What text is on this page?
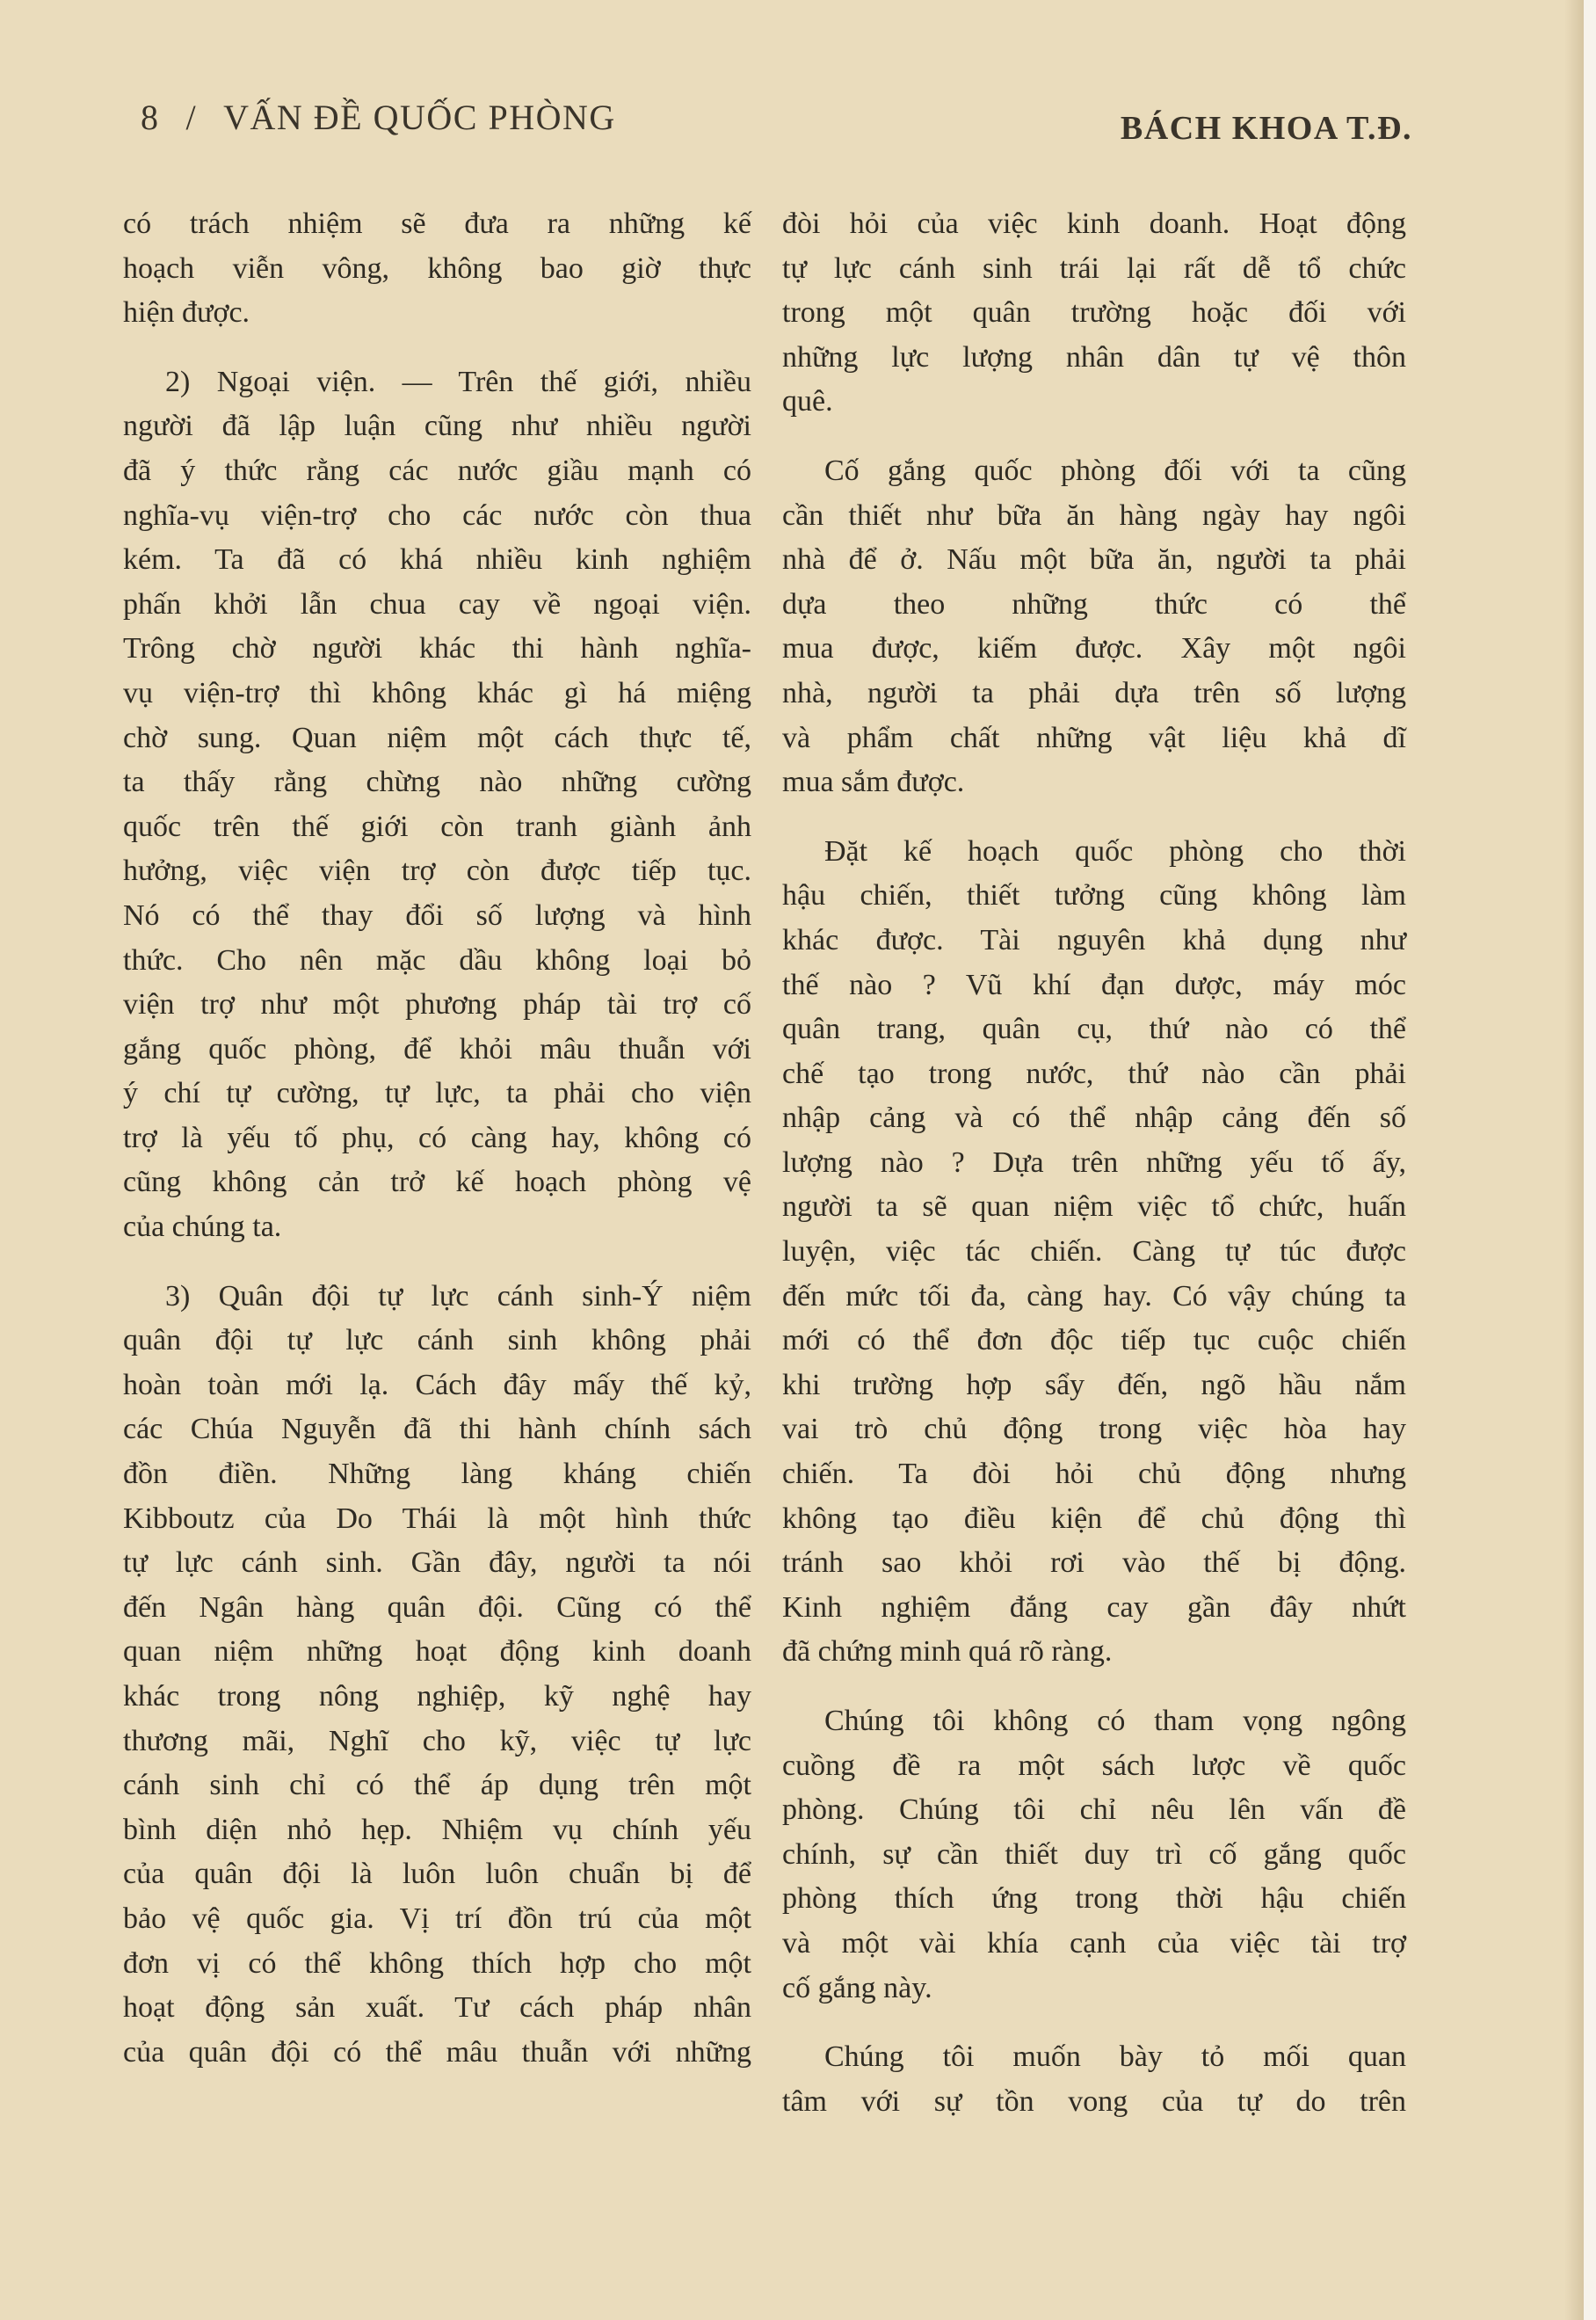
8 / VẤN ĐỀ QUỐC PHÒNG	BÁCH KHOA T.Đ.

có trách nhiệm sẽ đưa ra những kế
hoạch viễn vông, không bao giờ thực
hiện được.

2) Ngoại viện. — Trên thế giới, nhiều
người đã lập luận cũng như nhiều người
đã ý thức rằng các nước giầu mạnh có
nghĩa-vụ viện-trợ cho các nước còn thua
kém. Ta đã có khá nhiều kinh nghiệm
phấn khởi lẫn chua cay về ngoại viện.
Trông chờ người khác thi hành nghĩa-
vụ viện-trợ thì không khác gì há miệng
chờ sung. Quan niệm một cách thực tế,
ta thấy rằng chừng nào những cường
quốc trên thế giới còn tranh giành ảnh
hưởng, việc viện trợ còn được tiếp tục.
Nó có thể thay đổi số lượng và hình
thức. Cho nên mặc dầu không loại bỏ
viện trợ như một phương pháp tài trợ cố
gắng quốc phòng, để khỏi mâu thuẫn với
ý chí tự cường, tự lực, ta phải cho viện
trợ là yếu tố phụ, có càng hay, không có
cũng không cản trở kế hoạch phòng vệ
của chúng ta.

3) Quân đội tự lực cánh sinh-Ý niệm
quân đội tự lực cánh sinh không phải
hoàn toàn mới lạ. Cách đây mấy thế kỷ,
các Chúa Nguyễn đã thi hành chính sách
đồn điền. Những làng kháng chiến
Kibboutz của Do Thái là một hình thức
tự lực cánh sinh. Gần đây, người ta nói
đến Ngân hàng quân đội. Cũng có thể
quan niệm những hoạt động kinh doanh
khác trong nông nghiệp, kỹ nghệ hay
thương mãi, Nghĩ cho kỹ, việc tự lực
cánh sinh chỉ có thể áp dụng trên một
bình diện nhỏ hẹp. Nhiệm vụ chính yếu
của quân đội là luôn luôn chuẩn bị để
bảo vệ quốc gia. Vị trí đồn trú của một
đơn vị có thể không thích hợp cho một
hoạt động sản xuất. Tư cách pháp nhân
của quân đội có thể mâu thuẫn với những

đòi hỏi của việc kinh doanh. Hoạt động
tự lực cánh sinh trái lại rất dễ tổ chức
trong một quân trường hoặc đối với
những lực lượng nhân dân tự vệ thôn
quê.

Cố gắng quốc phòng đối với ta cũng
cần thiết như bữa ăn hàng ngày hay ngôi
nhà để ở. Nấu một bữa ăn, người ta phải
dựa theo những thức có thể
mua được, kiếm được. Xây một ngôi
nhà, người ta phải dựa trên số lượng
và phẩm chất những vật liệu khả dĩ
mua sắm được.

Đặt kế hoạch quốc phòng cho thời
hậu chiến, thiết tưởng cũng không làm
khác được. Tài nguyên khả dụng như
thế nào ? Vũ khí đạn dược, máy móc
quân trang, quân cụ, thứ nào có thể
chế tạo trong nước, thứ nào cần phải
nhập cảng và có thể nhập cảng đến số
lượng nào ? Dựa trên những yếu tố ấy,
người ta sẽ quan niệm việc tổ chức, huấn
luyện, việc tác chiến. Càng tự túc được
đến mức tối đa, càng hay. Có vậy chúng ta
mới có thể đơn độc tiếp tục cuộc chiến
khi trường hợp sẩy đến, ngõ hầu nắm
vai trò chủ động trong việc hòa hay
chiến. Ta đòi hỏi chủ động nhưng
không tạo điều kiện để chủ động thì
tránh sao khỏi rơi vào thế bị động.
Kinh nghiệm đắng cay gần đây nhứt
đã chứng minh quá rõ ràng.

Chúng tôi không có tham vọng ngông
cuồng đề ra một sách lược về quốc
phòng. Chúng tôi chỉ nêu lên vấn đề
chính, sự cần thiết duy trì cố gắng quốc
phòng thích ứng trong thời hậu chiến
và một vài khía cạnh của việc tài trợ
cố gắng này.

Chúng tôi muốn bày tỏ mối quan
tâm với sự tồn vong của tự do trên
